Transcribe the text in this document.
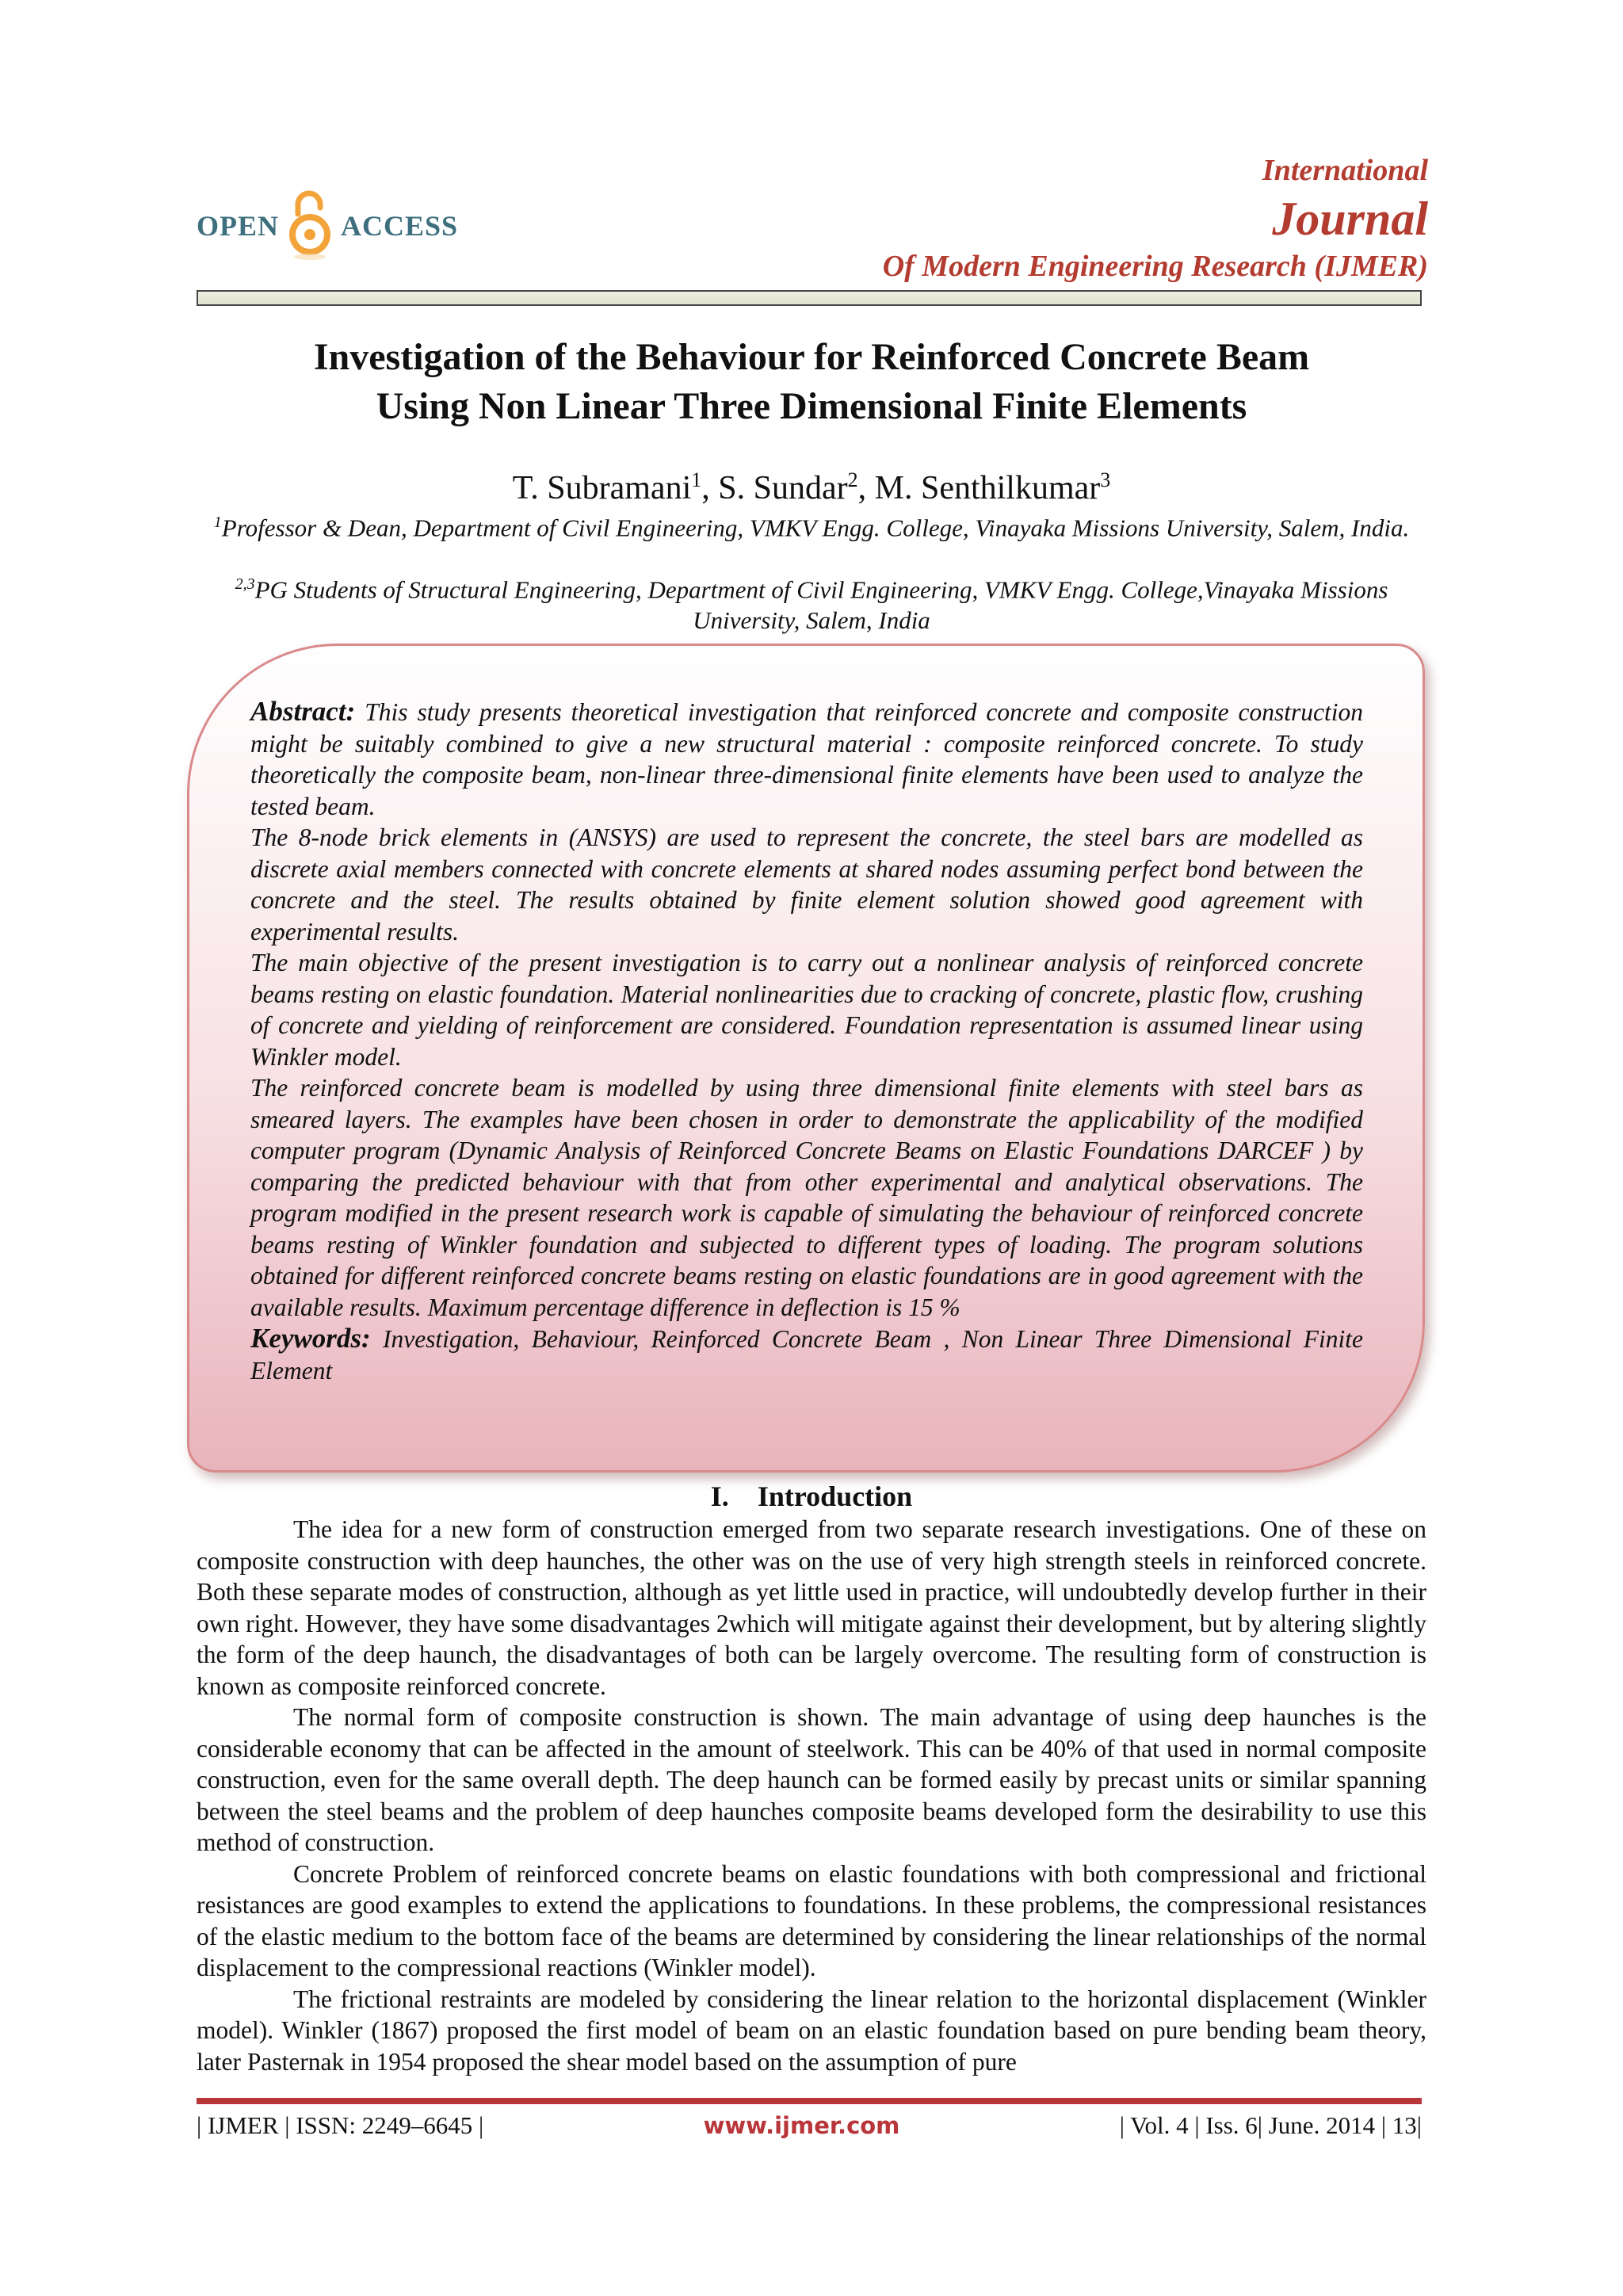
OPEN ACCESS
International
Journal
Of Modern Engineering Research (IJMER)
Investigation of the Behaviour for Reinforced Concrete Beam
Using Non Linear Three Dimensional Finite Elements
T. Subramani$^1$, S. Sundar$^2$, M. Senthilkumar$^3$
$^1$Professor & Dean, Department of Civil Engineering, VMKV Engg. College, Vinayaka Missions University, Salem, India.
$^{2,3}$PG Students of Structural Engineering, Department of Civil Engineering, VMKV Engg. College,Vinayaka Missions University, Salem, India

Abstract: This study presents theoretical investigation that reinforced concrete and composite construction might be suitably combined to give a new structural material : composite reinforced concrete. To study theoretically the composite beam, non-linear three-dimensional finite elements have been used to analyze the tested beam.

The 8-node brick elements in (ANSYS) are used to represent the concrete, the steel bars are modelled as discrete axial members connected with concrete elements at shared nodes assuming perfect bond between the concrete and the steel. The results obtained by finite element solution showed good agreement with experimental results.

The main objective of the present investigation is to carry out a nonlinear analysis of reinforced concrete beams resting on elastic foundation. Material nonlinearities due to cracking of concrete, plastic flow, crushing of concrete and yielding of reinforcement are considered. Foundation representation is assumed linear using Winkler model.

The reinforced concrete beam is modelled by using three dimensional finite elements with steel bars as smeared layers. The examples have been chosen in order to demonstrate the applicability of the modified computer program (Dynamic Analysis of Reinforced Concrete Beams on Elastic Foundations DARCEF ) by comparing the predicted behaviour with that from other experimental and analytical observations. The program modified in the present research work is capable of simulating the behaviour of reinforced concrete beams resting of Winkler foundation and subjected to different types of loading. The program solutions obtained for different reinforced concrete beams resting on elastic foundations are in good agreement with the available results. Maximum percentage difference in deflection is 15 %

Keywords: Investigation, Behaviour, Reinforced Concrete Beam , Non Linear Three Dimensional Finite Element

I. Introduction

The idea for a new form of construction emerged from two separate research investigations. One of these on composite construction with deep haunches, the other was on the use of very high strength steels in reinforced concrete. Both these separate modes of construction, although as yet little used in practice, will undoubtedly develop further in their own right. However, they have some disadvantages 2which will mitigate against their development, but by altering slightly the form of the deep haunch, the disadvantages of both can be largely overcome. The resulting form of construction is known as composite reinforced concrete.

The normal form of composite construction is shown. The main advantage of using deep haunches is the considerable economy that can be affected in the amount of steelwork. This can be 40% of that used in normal composite construction, even for the same overall depth. The deep haunch can be formed easily by precast units or similar spanning between the steel beams and the problem of deep haunches composite beams developed form the desirability to use this method of construction.

Concrete Problem of reinforced concrete beams on elastic foundations with both compressional and frictional resistances are good examples to extend the applications to foundations. In these problems, the compressional resistances of the elastic medium to the bottom face of the beams are determined by considering the linear relationships of the normal displacement to the compressional reactions (Winkler model).

The frictional restraints are modeled by considering the linear relation to the horizontal displacement (Winkler model). Winkler (1867) proposed the first model of beam on an elastic foundation based on pure bending beam theory, later Pasternak in 1954 proposed the shear model based on the assumption of pure

| IJMER | ISSN: 2249–6645 |	www.ijmer.com	| Vol. 4 | Iss. 6| June. 2014 | 13|
